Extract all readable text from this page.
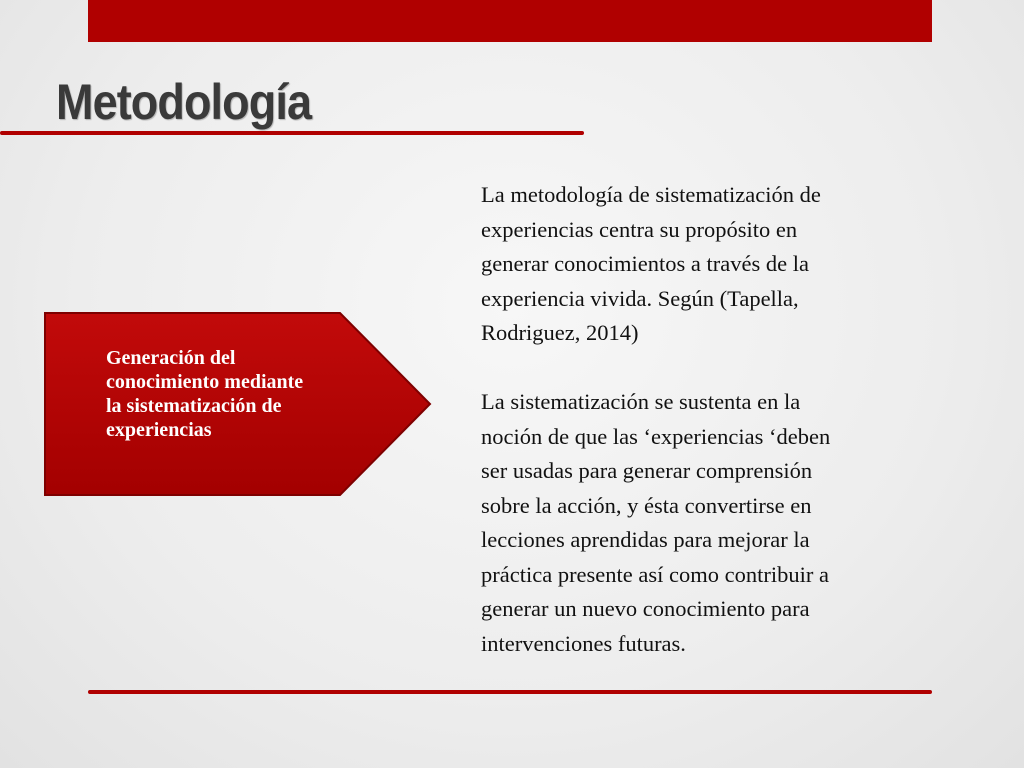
Metodología
Generación del
conocimiento mediante
la sistematización de
experiencias

La metodología de sistematización de
experiencias centra su propósito en
generar conocimientos a través de la
experiencia vivida. Según (Tapella,
Rodriguez, 2014)

La sistematización se sustenta en la
noción de que las ‘experiencias ‘deben
ser usadas para generar comprensión
sobre la acción, y ésta convertirse en
lecciones aprendidas para mejorar la
práctica presente así como contribuir a
generar un nuevo conocimiento para
intervenciones futuras.
